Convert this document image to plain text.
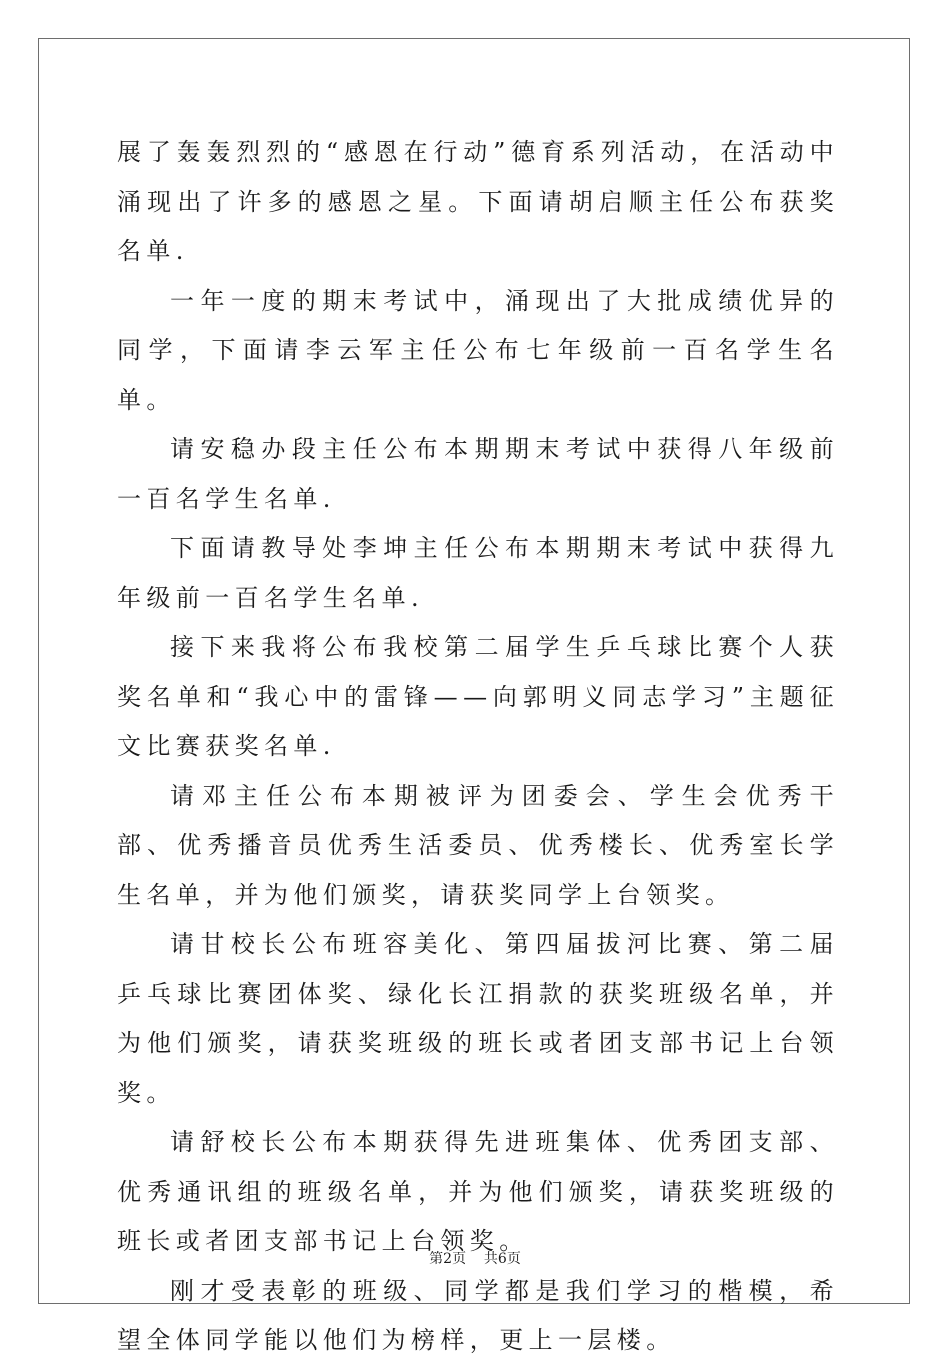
展了轰轰烈烈的“感恩在行动”德育系列活动，在活动中涌现出了许多的感恩之星。下面请胡启顺主任公布获奖名单.

一年一度的期末考试中，涌现出了大批成绩优异的同学，下面请李云军主任公布七年级前一百名学生名单。

请安稳办段主任公布本期期末考试中获得八年级前一百名学生名单.

下面请教导处李坤主任公布本期期末考试中获得九年级前一百名学生名单.

接下来我将公布我校第二届学生乒乓球比赛个人获奖名单和“我心中的雷锋——向郭明义同志学习”主题征文比赛获奖名单.

请邓主任公布本期被评为团委会、学生会优秀干部、优秀播音员优秀生活委员、优秀楼长、优秀室长学生名单，并为他们颁奖，请获奖同学上台领奖。

请甘校长公布班容美化、第四届拔河比赛、第二届乒乓球比赛团体奖、绿化长江捐款的获奖班级名单，并为他们颁奖，请获奖班级的班长或者团支部书记上台领奖。

请舒校长公布本期获得先进班集体、优秀团支部、优秀通讯组的班级名单，并为他们颁奖，请获奖班级的班长或者团支部书记上台领奖。

刚才受表彰的班级、同学都是我们学习的楷模，希望全体同学能以他们为榜样，更上一层楼。

第2页 共6页
